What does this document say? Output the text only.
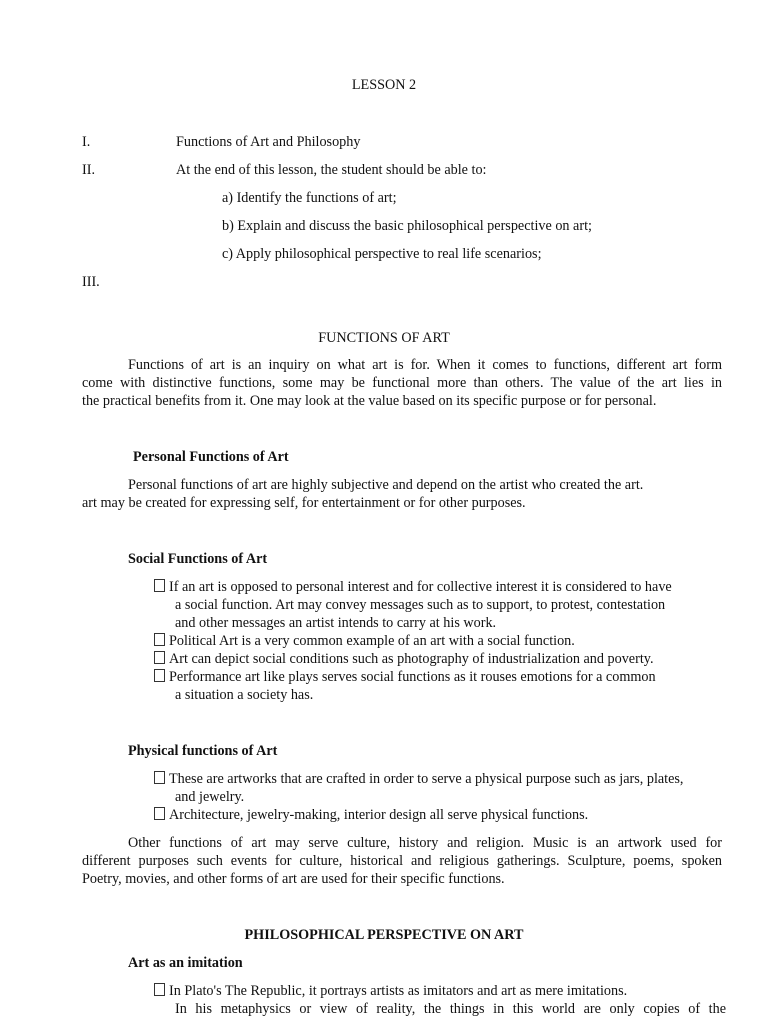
LESSON 2
I.	Functions of Art and Philosophy
II.	At the end of this lesson, the student should be able to:
a) Identify the functions of art;
b) Explain and discuss the basic philosophical perspective on art;
c) Apply philosophical perspective to real life scenarios;
III.
FUNCTIONS OF ART
Functions of art is an inquiry on what art is for. When it comes to functions, different art form
come with distinctive functions, some may be functional more than others. The value of the art lies in
the practical benefits from it. One may look at the value based on its specific purpose or for personal.
Personal Functions of Art
Personal functions of art are highly subjective and depend on the artist who created the art.
art may be created for expressing self, for entertainment or for other purposes.
Social Functions of Art
If an art is opposed to personal interest and for collective interest it is considered to have
a social function. Art may convey messages such as to support, to protest, contestation
and other messages an artist intends to carry at his work.
Political Art is a very common example of an art with a social function.
Art can depict social conditions such as photography of industrialization and poverty.
Performance art like plays serves social functions as it rouses emotions for a common
a situation a society has.
Physical functions of Art
These are artworks that are crafted in order to serve a physical purpose such as jars, plates,
and jewelry.
Architecture, jewelry-making, interior design all serve physical functions.
Other functions of art may serve culture, history and religion. Music is an artwork used for
different purposes such events for culture, historical and religious gatherings. Sculpture, poems, spoken
Poetry, movies, and other forms of art are used for their specific functions.
PHILOSOPHICAL PERSPECTIVE ON ART
Art as an imitation
In Plato's The Republic, it portrays artists as imitators and art as mere imitations.
In his metaphysics or view of reality, the things in this world are only copies of the
